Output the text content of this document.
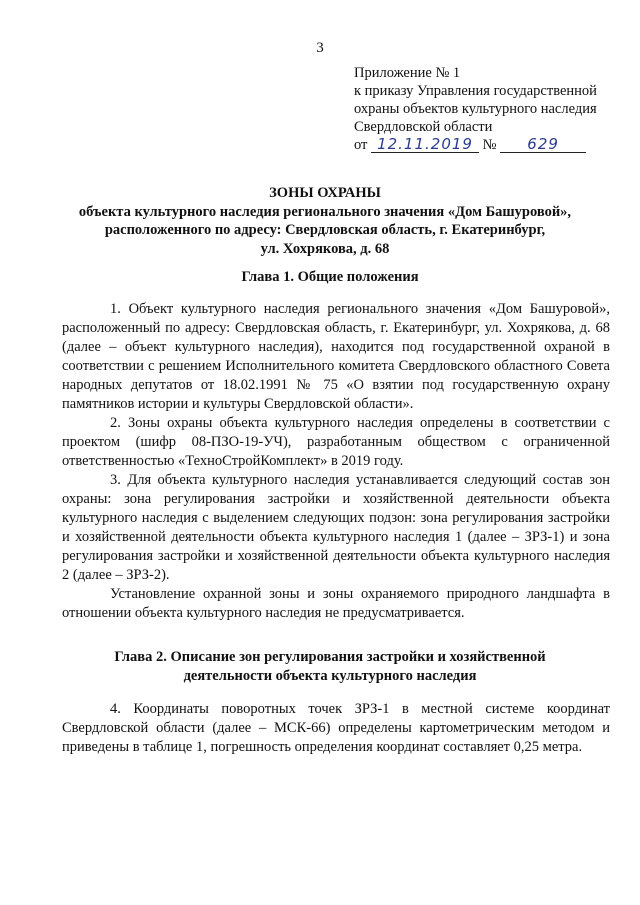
3
Приложение № 1
к приказу Управления государственной
охраны объектов культурного наследия
Свердловской области
от 12.11.2019 № 629
ЗОНЫ ОХРАНЫ
объекта культурного наследия регионального значения «Дом Башуровой»,
расположенного по адресу: Свердловская область, г. Екатеринбург,
ул. Хохрякова, д. 68
Глава 1. Общие положения

1. Объект культурного наследия регионального значения «Дом Башуровой», расположенный по адресу: Свердловская область, г. Екатеринбург, ул. Хохрякова, д. 68 (далее – объект культурного наследия), находится под государственной охраной в соответствии с решением Исполнительного комитета Свердловского областного Совета народных депутатов от 18.02.1991 № 75 «О взятии под государственную охрану памятников истории и культуры Свердловской области».

2. Зоны охраны объекта культурного наследия определены в соответствии с проектом (шифр 08-ПЗО-19-УЧ), разработанным обществом с ограниченной ответственностью «ТехноСтройКомплект» в 2019 году.

3. Для объекта культурного наследия устанавливается следующий состав зон охраны: зона регулирования застройки и хозяйственной деятельности объекта культурного наследия с выделением следующих подзон: зона регулирования застройки и хозяйственной деятельности объекта культурного наследия 1 (далее – ЗРЗ-1) и зона регулирования застройки и хозяйственной деятельности объекта культурного наследия 2 (далее – ЗРЗ-2).

Установление охранной зоны и зоны охраняемого природного ландшафта в отношении объекта культурного наследия не предусматривается.

Глава 2. Описание зон регулирования застройки и хозяйственной
деятельности объекта культурного наследия

4. Координаты поворотных точек ЗРЗ-1 в местной системе координат Свердловской области (далее – МСК-66) определены картометрическим методом и приведены в таблице 1, погрешность определения координат составляет 0,25 метра.
